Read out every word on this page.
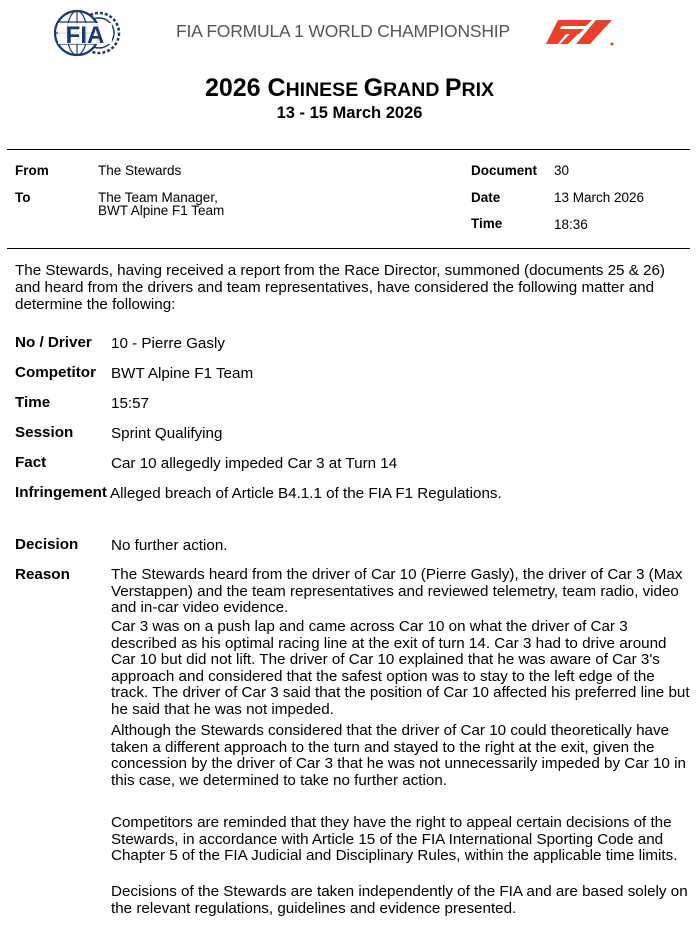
FIA	FIA FORMULA 1 WORLD CHAMPIONSHIP
2026 CHINESE GRAND PRIX
13 - 15 March 2026
From	The Stewards
To	The Team Manager,
BWT Alpine F1 Team
Document 30
Date	13 March 2026
Time	18:36
The Stewards, having received a report from the Race Director, summoned (documents 25 & 26) and heard from the drivers and team representatives, have considered the following matter and determine the following:
No / Driver 10 - Pierre Gasly
Competitor BWT Alpine F1 Team
Time	15:57
Session Sprint Qualifying
Fact	Car 10 allegedly impeded Car 3 at Turn 14
Infringement Alleged breach of Article B4.1.1 of the FIA F1 Regulations.
Decision No further action.
Reason	The Stewards heard from the driver of Car 10 (Pierre Gasly), the driver of Car 3 (Max Verstappen) and the team representatives and reviewed telemetry, team radio, video and in-car video evidence.

Car 3 was on a push lap and came across Car 10 on what the driver of Car 3 described as his optimal racing line at the exit of turn 14. Car 3 had to drive around Car 10 but did not lift. The driver of Car 10 explained that he was aware of Car 3's approach and considered that the safest option was to stay to the left edge of the track. The driver of Car 3 said that the position of Car 10 affected his preferred line but he said that he was not impeded.

Although the Stewards considered that the driver of Car 10 could theoretically have taken a different approach to the turn and stayed to the right at the exit, given the concession by the driver of Car 3 that he was not unnecessarily impeded by Car 10 in this case, we determined to take no further action.

Competitors are reminded that they have the right to appeal certain decisions of the Stewards, in accordance with Article 15 of the FIA International Sporting Code and Chapter 5 of the FIA Judicial and Disciplinary Rules, within the applicable time limits.

Decisions of the Stewards are taken independently of the FIA and are based solely on the relevant regulations, guidelines and evidence presented.
